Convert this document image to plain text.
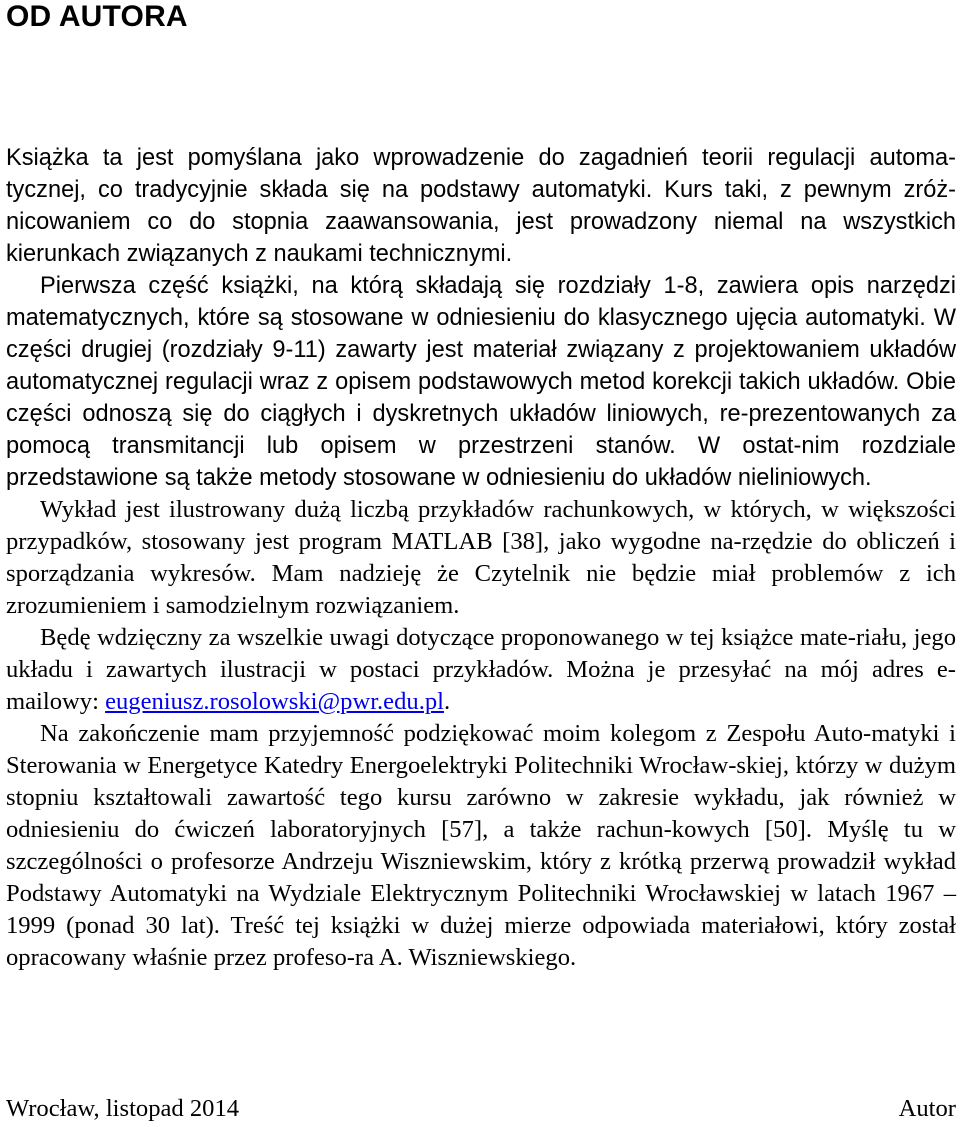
OD AUTORA

Książka ta jest pomyślana jako wprowadzenie do zagadnień teorii regulacji automa-tycznej, co tradycyjnie składa się na podstawy automatyki. Kurs taki, z pewnym zróż-nicowaniem co do stopnia zaawansowania, jest prowadzony niemal na wszystkich kierunkach związanych z naukami technicznymi.

Pierwsza część książki, na którą składają się rozdziały 1-8, zawiera opis narzędzi matematycznych, które są stosowane w odniesieniu do klasycznego ujęcia automatyki. W części drugiej (rozdziały 9-11) zawarty jest materiał związany z projektowaniem układów automatycznej regulacji wraz z opisem podstawowych metod korekcji takich układów. Obie części odnoszą się do ciągłych i dyskretnych układów liniowych, re-prezentowanych za pomocą transmitancji lub opisem w przestrzeni stanów. W ostat-nim rozdziale przedstawione są także metody stosowane w odniesieniu do układów nieliniowych.

Wykład jest ilustrowany dużą liczbą przykładów rachunkowych, w których, w większości przypadków, stosowany jest program MATLAB [38], jako wygodne na-rzędzie do obliczeń i sporządzania wykresów. Mam nadzieję że Czytelnik nie będzie miał problemów z ich zrozumieniem i samodzielnym rozwiązaniem.

Będę wdzięczny za wszelkie uwagi dotyczące proponowanego w tej książce mate-riału, jego układu i zawartych ilustracji w postaci przykładów. Można je przesyłać na mój adres e-mailowy: eugeniusz.rosolowski@pwr.edu.pl.

Na zakończenie mam przyjemność podziękować moim kolegom z Zespołu Auto-matyki i Sterowania w Energetyce Katedry Energoelektryki Politechniki Wrocław-skiej, którzy w dużym stopniu kształtowali zawartość tego kursu zarówno w zakresie wykładu, jak również w odniesieniu do ćwiczeń laboratoryjnych [57], a także rachun-kowych [50]. Myślę tu w szczególności o profesorze Andrzeju Wiszniewskim, który z krótką przerwą prowadził wykład Podstawy Automatyki na Wydziale Elektrycznym Politechniki Wrocławskiej w latach 1967 – 1999 (ponad 30 lat). Treść tej książki w dużej mierze odpowiada materiałowi, który został opracowany właśnie przez profeso-ra A. Wiszniewskiego.

Wrocław, listopad 2014	Autor
